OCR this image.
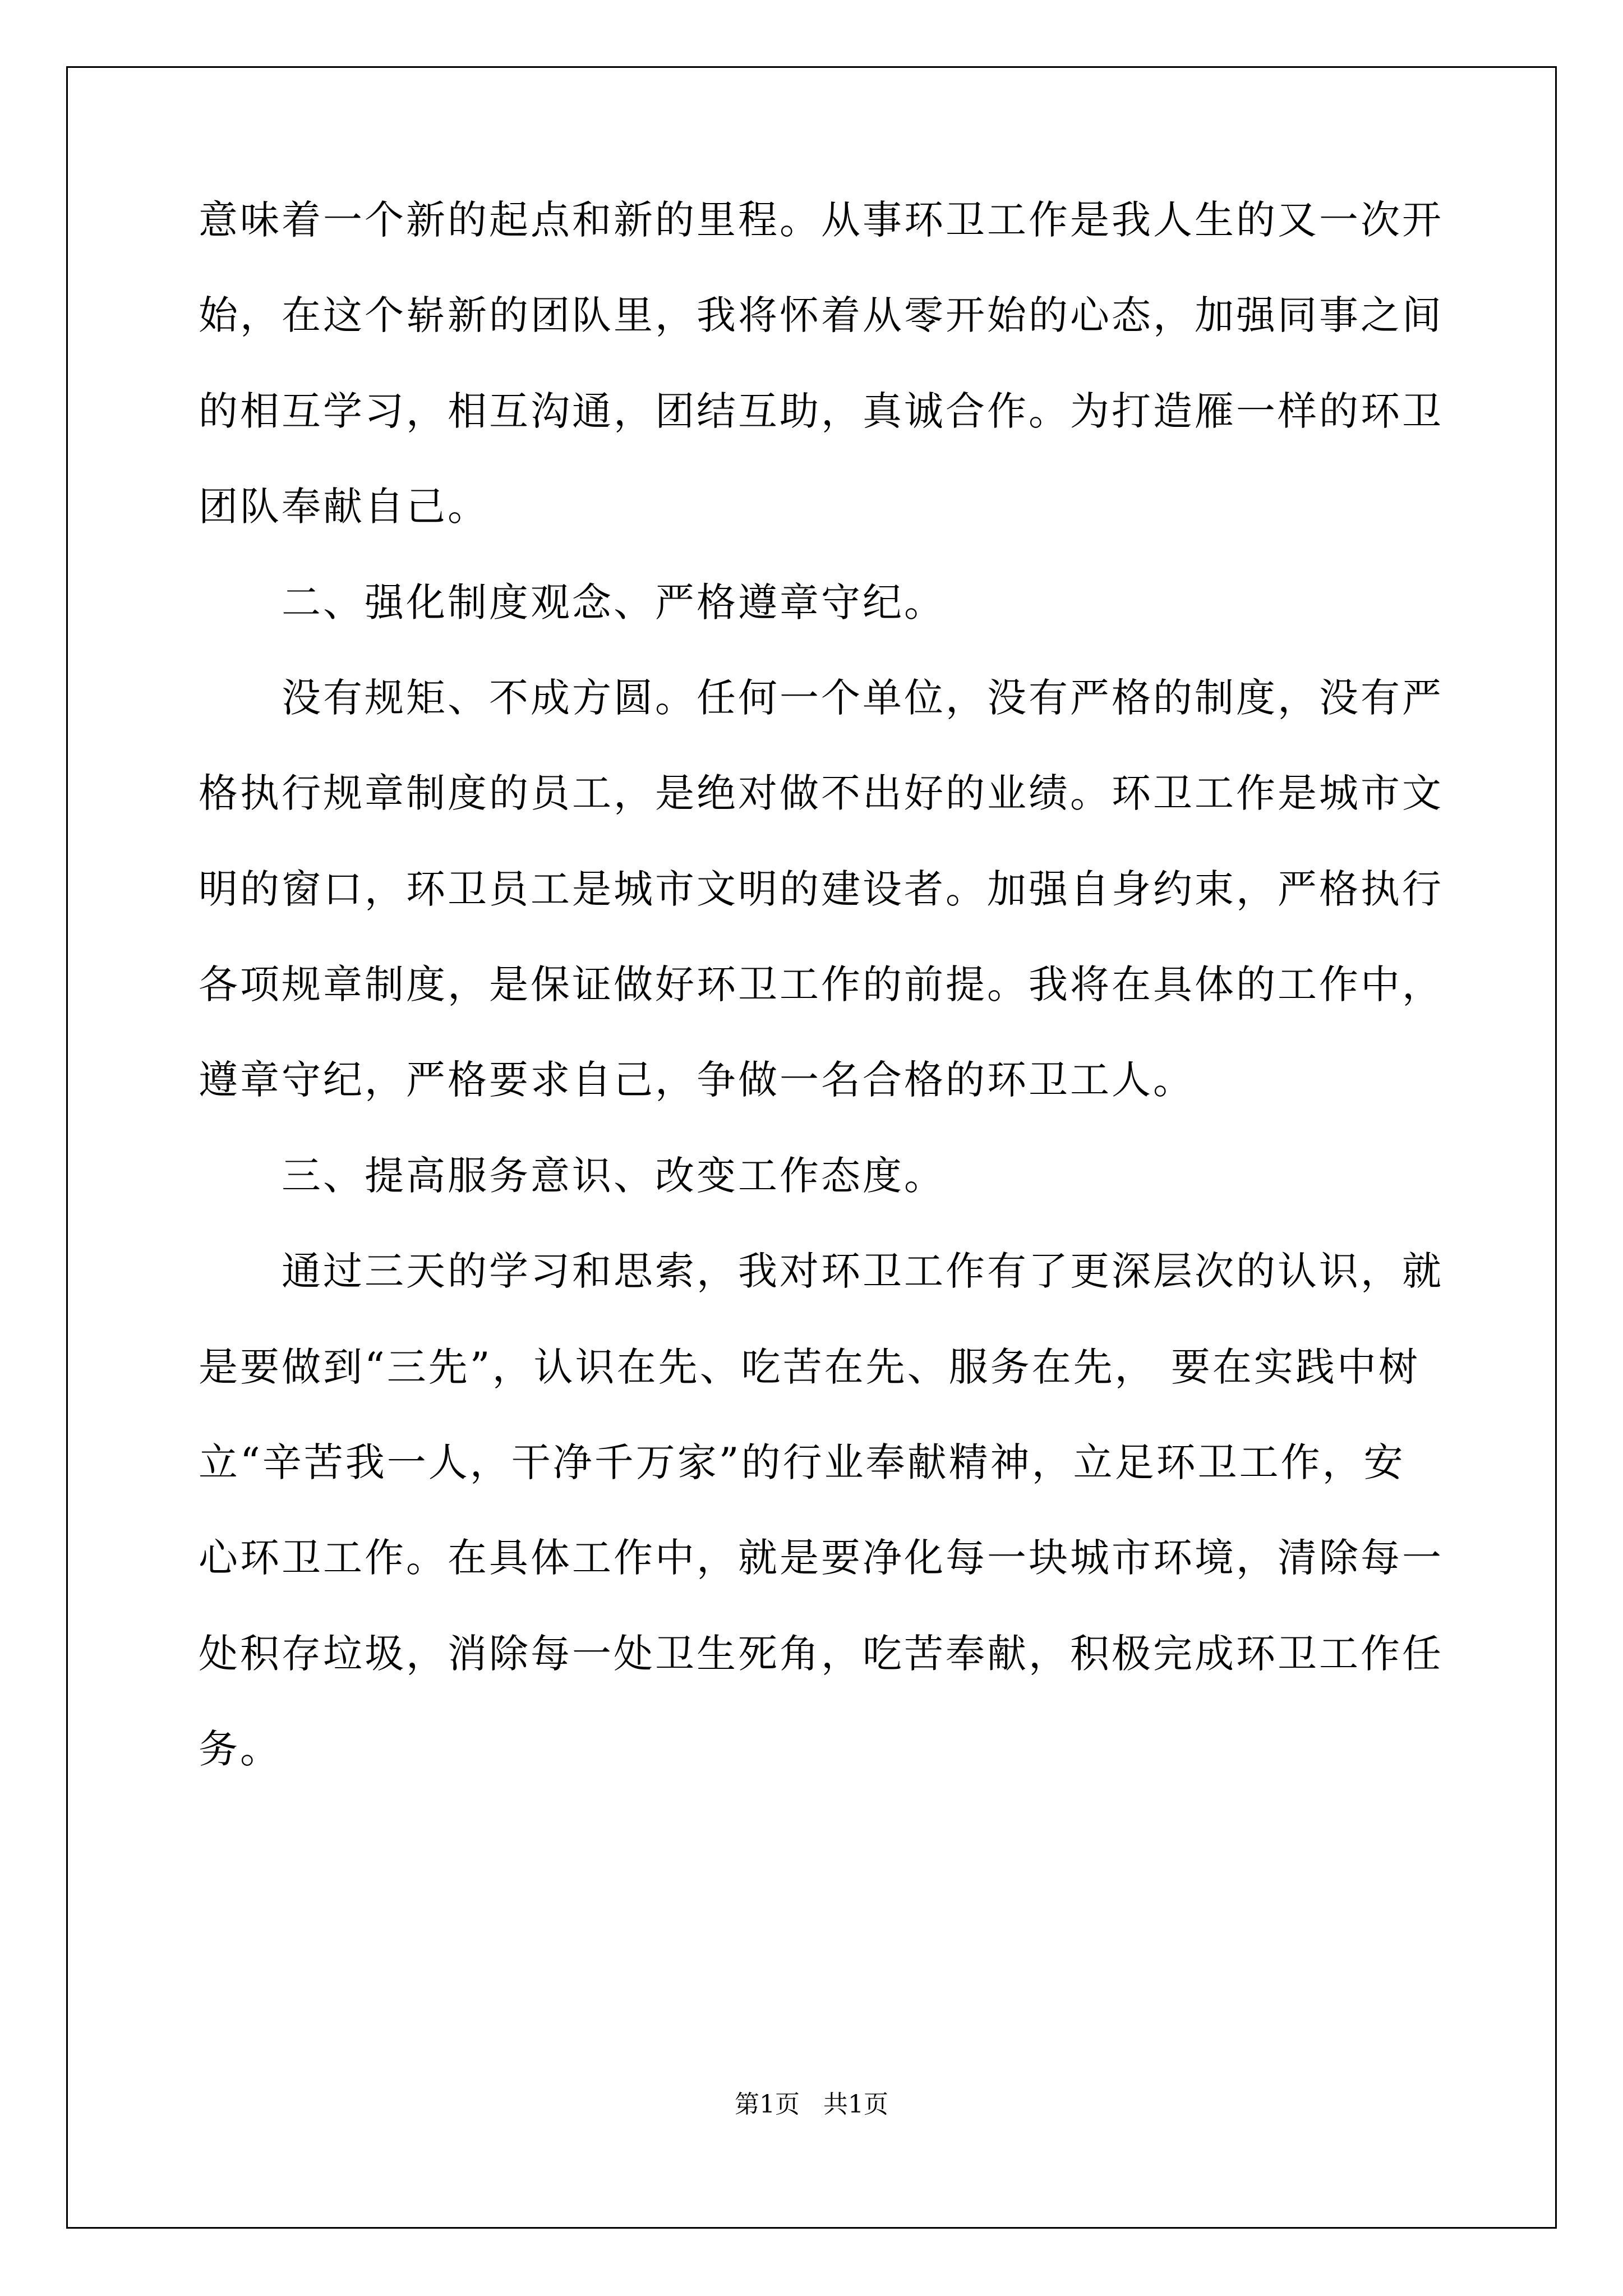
意味着一个新的起点和新的里程。从事环卫工作是我人生的又一次开
始，在这个崭新的团队里，我将怀着从零开始的心态，加强同事之间
的相互学习，相互沟通，团结互助，真诚合作。为打造雁一样的环卫
团队奉献自己。
二、强化制度观念、严格遵章守纪。
没有规矩、不成方圆。任何一个单位，没有严格的制度，没有严
格执行规章制度的员工，是绝对做不出好的业绩。环卫工作是城市文
明的窗口，环卫员工是城市文明的建设者。加强自身约束，严格执行
各项规章制度，是保证做好环卫工作的前提。我将在具体的工作中，
遵章守纪，严格要求自己，争做一名合格的环卫工人。
三、提高服务意识、改变工作态度。
通过三天的学习和思索，我对环卫工作有了更深层次的认识，就
是要做到“三先”，认识在先、吃苦在先、服务在先， 要在实践中树
立“辛苦我一人，干净千万家”的行业奉献精神，立足环卫工作，安
心环卫工作。在具体工作中，就是要净化每一块城市环境，清除每一
处积存垃圾，消除每一处卫生死角，吃苦奉献，积极完成环卫工作任
务。
第1页   共1页
